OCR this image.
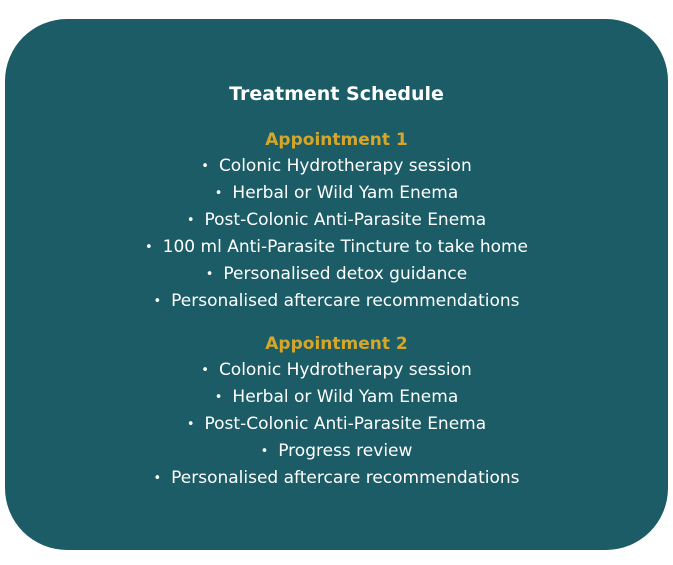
Treatment Schedule
Appointment 1
• Colonic Hydrotherapy session
• Herbal or Wild Yam Enema
• Post-Colonic Anti-Parasite Enema
• 100 ml Anti-Parasite Tincture to take home
• Personalised detox guidance
• Personalised aftercare recommendations
Appointment 2
• Colonic Hydrotherapy session
• Herbal or Wild Yam Enema
• Post-Colonic Anti-Parasite Enema
• Progress review
• Personalised aftercare recommendations
